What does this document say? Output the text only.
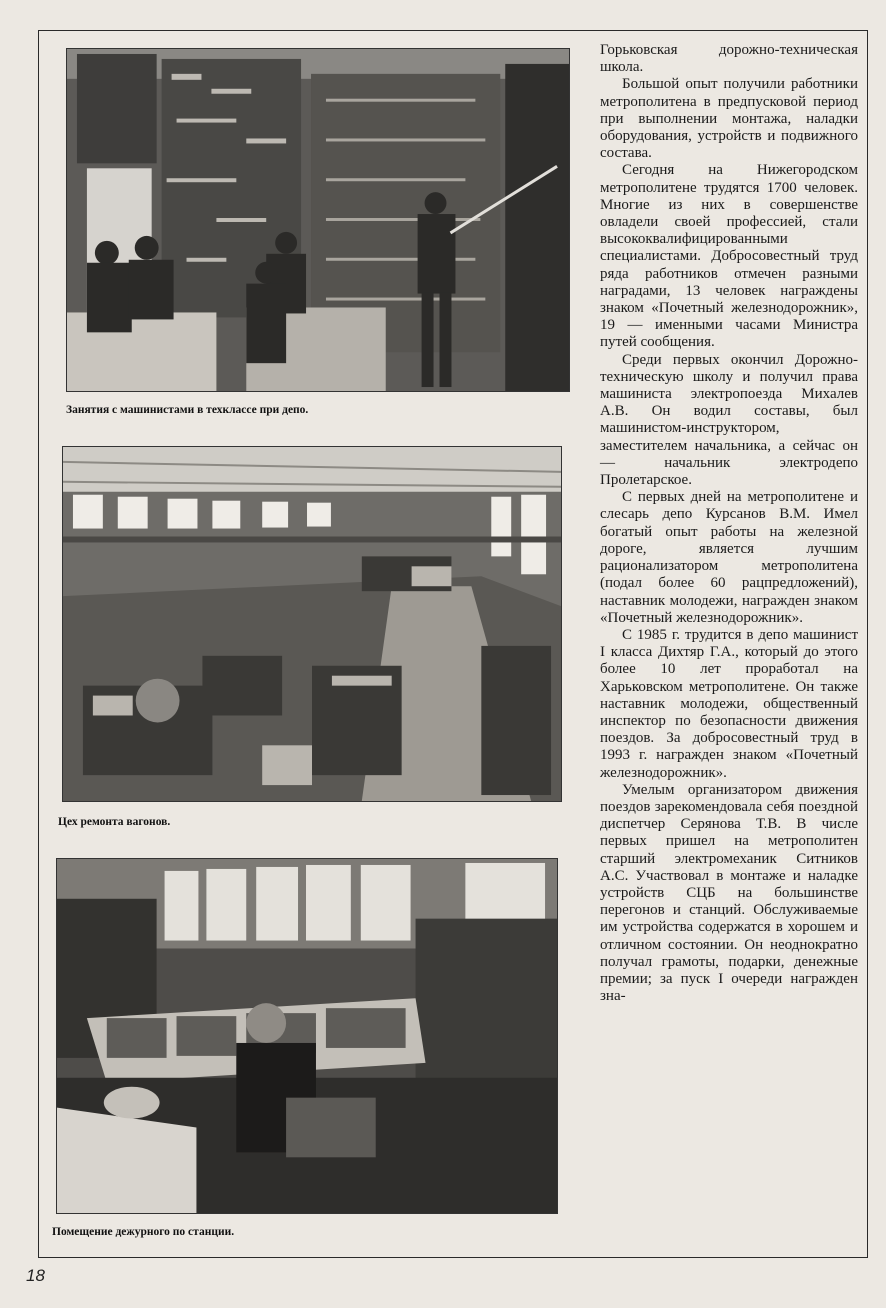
Занятия с машинистами в техклассе при депо.
Цех ремонта вагонов.
Помещение дежурного по станции.

Горьковская дорожно-техническая школа.

Большой опыт получили работники метрополитена в предпусковой период при выполнении монтажа, наладки оборудования, устройств и подвижного состава.

Сегодня на Нижегородском метрополитене трудятся 1700 человек. Многие из них в совершенстве овладели своей профессией, стали высококвалифицированными специалистами. Добросовестный труд ряда работников отмечен разными наградами, 13 человек награждены знаком «Почетный железнодорожник», 19 — именными часами Министра путей сообщения.

Среди первых окончил Дорожно-техническую школу и получил права машиниста электропоезда Михалев А.В. Он водил составы, был машинистом-инструктором, заместителем начальника, а сейчас он — начальник электродепо Пролетарское.

С первых дней на метрополитене и слесарь депо Курсанов В.М. Имел богатый опыт работы на железной дороге, является лучшим рационализатором метрополитена (подал более 60 рацпредложений), наставник молодежи, награжден знаком «Почетный железнодорожник».

С 1985 г. трудится в депо машинист I класса Дихтяр Г.А., который до этого более 10 лет проработал на Харьковском метрополитене. Он также наставник молодежи, общественный инспектор по безопасности движения поездов. За добросовестный труд в 1993 г. награжден знаком «Почетный железнодорожник».

Умелым организатором движения поездов зарекомендовала себя поездной диспетчер Серянова Т.В. В числе первых пришел на метрополитен старший электромеханик Ситников А.С. Участвовал в монтаже и наладке устройств СЦБ на большинстве перегонов и станций. Обслуживаемые им устройства содержатся в хорошем и отличном состоянии. Он неоднократно получал грамоты, подарки, денежные премии; за пуск I очереди награжден зна-

18
